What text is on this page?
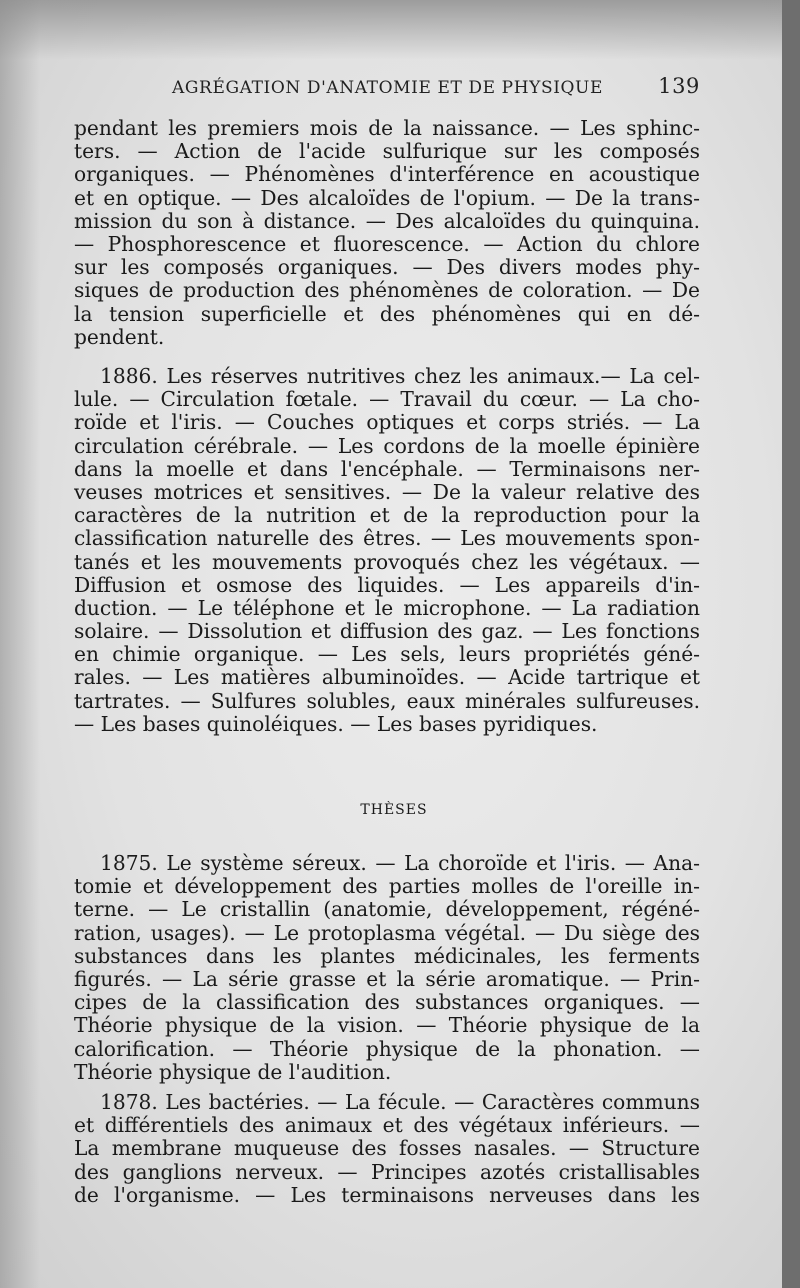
AGRÉGATION D'ANATOMIE ET DE PHYSIQUE	139
pendant les premiers mois de la naissance. — Les sphinc-
ters. — Action de l'acide sulfurique sur les composés
organiques. — Phénomènes d'interférence en acoustique
et en optique. — Des alcaloïdes de l'opium. — De la trans-
mission du son à distance. — Des alcaloïdes du quinquina.
— Phosphorescence et fluorescence. — Action du chlore
sur les composés organiques. — Des divers modes phy-
siques de production des phénomènes de coloration. — De
la tension superficielle et des phénomènes qui en dé-
pendent.
1886. Les réserves nutritives chez les animaux.— La cel-
lule. — Circulation fœtale. — Travail du cœur. — La cho-
roïde et l'iris. — Couches optiques et corps striés. — La
circulation cérébrale. — Les cordons de la moelle épinière
dans la moelle et dans l'encéphale. — Terminaisons ner-
veuses motrices et sensitives. — De la valeur relative des
caractères de la nutrition et de la reproduction pour la
classification naturelle des êtres. — Les mouvements spon-
tanés et les mouvements provoqués chez les végétaux. —
Diffusion et osmose des liquides. — Les appareils d'in-
duction. — Le téléphone et le microphone. — La radiation
solaire. — Dissolution et diffusion des gaz. — Les fonctions
en chimie organique. — Les sels, leurs propriétés géné-
rales. — Les matières albuminoïdes. — Acide tartrique et
tartrates. — Sulfures solubles, eaux minérales sulfureuses.
— Les bases quinoléiques. — Les bases pyridiques.
THÈSES
1875. Le système séreux. — La choroïde et l'iris. — Ana-
tomie et développement des parties molles de l'oreille in-
terne. — Le cristallin (anatomie, développement, régéné-
ration, usages). — Le protoplasma végétal. — Du siège des
substances dans les plantes médicinales, les ferments
figurés. — La série grasse et la série aromatique. — Prin-
cipes de la classification des substances organiques. —
Théorie physique de la vision. — Théorie physique de la
calorification. — Théorie physique de la phonation. —
Théorie physique de l'audition.
1878. Les bactéries. — La fécule. — Caractères communs
et différentiels des animaux et des végétaux inférieurs. —
La membrane muqueuse des fosses nasales. — Structure
des ganglions nerveux. — Principes azotés cristallisables
de l'organisme. — Les terminaisons nerveuses dans les
